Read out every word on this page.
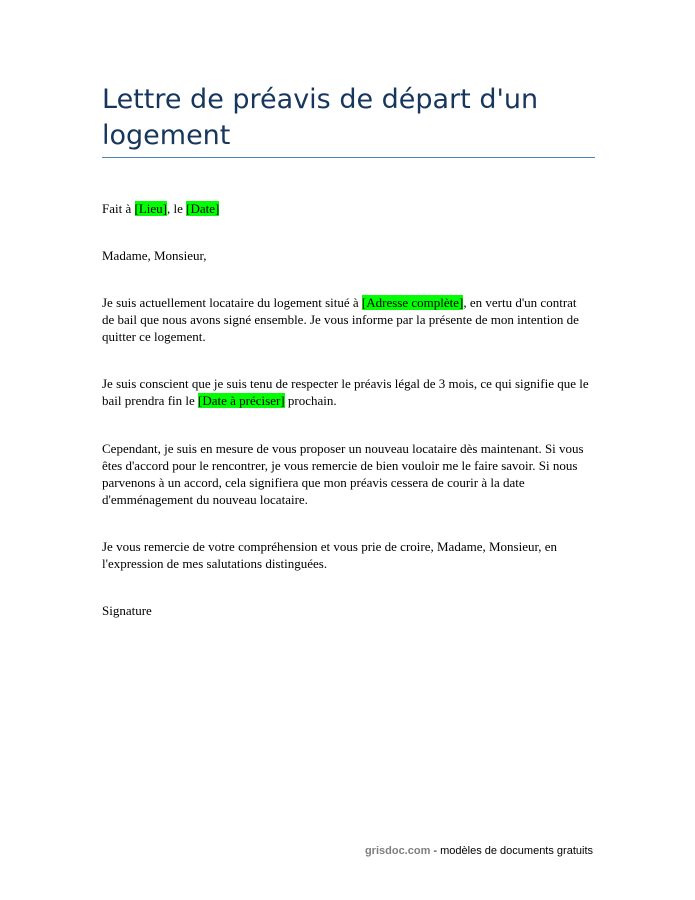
Lettre de préavis de départ d'un logement

Fait à [Lieu], le [Date]

Madame, Monsieur,

Je suis actuellement locataire du logement situé à [Adresse complète], en vertu d'un contrat de bail que nous avons signé ensemble. Je vous informe par la présente de mon intention de quitter ce logement.

Je suis conscient que je suis tenu de respecter le préavis légal de 3 mois, ce qui signifie que le bail prendra fin le [Date à préciser] prochain.

Cependant, je suis en mesure de vous proposer un nouveau locataire dès maintenant. Si vous êtes d'accord pour le rencontrer, je vous remercie de bien vouloir me le faire savoir. Si nous parvenons à un accord, cela signifiera que mon préavis cessera de courir à la date d'emménagement du nouveau locataire.

Je vous remercie de votre compréhension et vous prie de croire, Madame, Monsieur, en l'expression de mes salutations distinguées.

Signature

grisdoc.com - modèles de documents gratuits
